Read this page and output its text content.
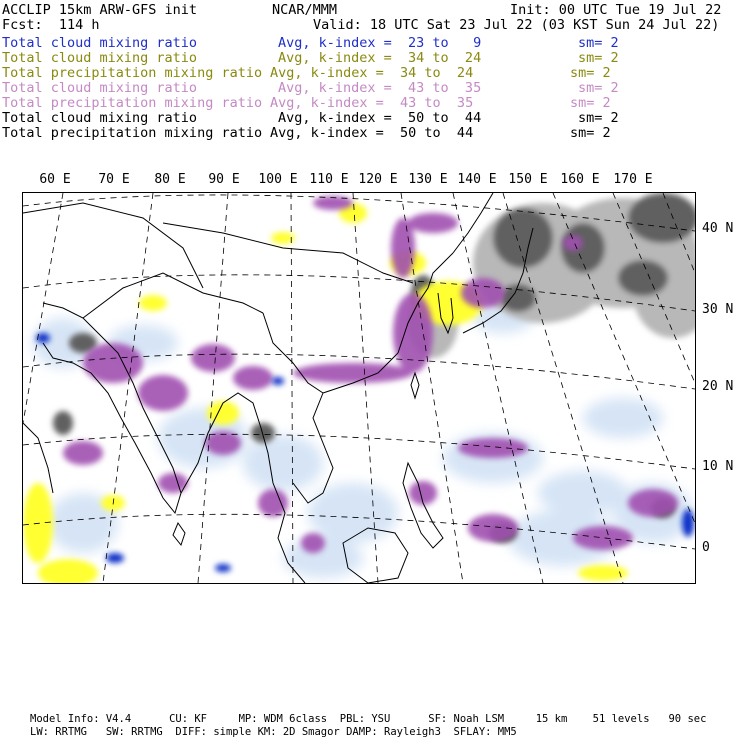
ACCLIP 15km ARW-GFS init	NCAR/MMM	Init: 00 UTC Tue 19 Jul 22
Fcst:  114 h	Valid: 18 UTC Sat 23 Jul 22 (03 KST Sun 24 Jul 22)
Total cloud mixing ratio	Avg, k-index =  23 to   9	sm= 2
Total cloud mixing ratio	Avg, k-index =  34 to  24	sm= 2
Total precipitation mixing ratio Avg, k-index =  34 to  24	sm= 2
Total cloud mixing ratio	Avg, k-index =  43 to  35	sm= 2
Total precipitation mixing ratio Avg, k-index =  43 to  35	sm= 2
Total cloud mixing ratio	Avg, k-index =  50 to  44	sm= 2
Total precipitation mixing ratio Avg, k-index =  50 to  44	sm= 2
60 E 70 E 80 E 90 E 100 E 110 E 120 E 130 E 140 E 150 E 160 E 170 E
40 N
30 N
20 N
10 N
0
Model Info: V4.4      CU: KF     MP: WDM 6class  PBL: YSU      SF: Noah LSM     15 km    51 levels   90 sec
LW: RRTMG   SW: RRTMG  DIFF: simple KM: 2D Smagor DAMP: Rayleigh3  SFLAY: MM5
